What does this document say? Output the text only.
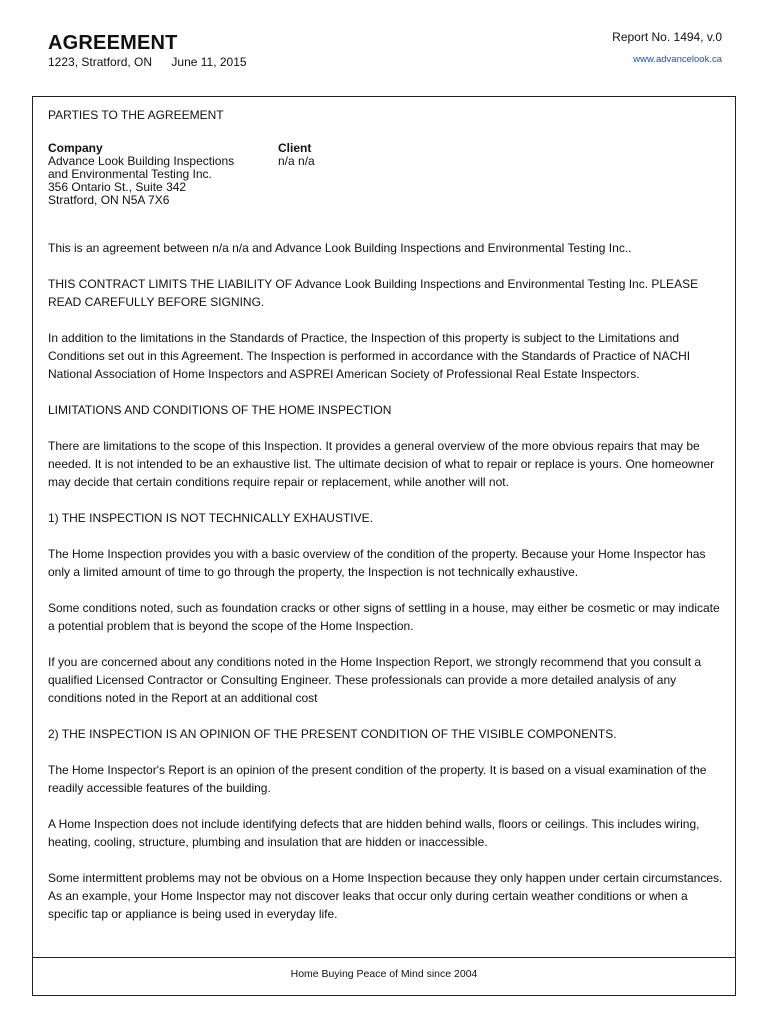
AGREEMENT
1223, Stratford, ON June 11, 2015
Report No. 1494, v.0
www.advancelook.ca

PARTIES TO THE AGREEMENT

Company
Advance Look Building Inspections
and Environmental Testing Inc.
356 Ontario St., Suite 342
Stratford, ON N5A 7X6
Client
n/a n/a

This is an agreement between n/a n/a and Advance Look Building Inspections and Environmental Testing Inc..

THIS CONTRACT LIMITS THE LIABILITY OF Advance Look Building Inspections and Environmental Testing Inc. PLEASE READ CAREFULLY BEFORE SIGNING.

In addition to the limitations in the Standards of Practice, the Inspection of this property is subject to the Limitations and Conditions set out in this Agreement. The Inspection is performed in accordance with the Standards of Practice of NACHI National Association of Home Inspectors and ASPREI American Society of Professional Real Estate Inspectors.

LIMITATIONS AND CONDITIONS OF THE HOME INSPECTION

There are limitations to the scope of this Inspection. It provides a general overview of the more obvious repairs that may be needed. It is not intended to be an exhaustive list. The ultimate decision of what to repair or replace is yours. One homeowner may decide that certain conditions require repair or replacement, while another will not.

1) THE INSPECTION IS NOT TECHNICALLY EXHAUSTIVE.

The Home Inspection provides you with a basic overview of the condition of the property. Because your Home Inspector has only a limited amount of time to go through the property, the Inspection is not technically exhaustive.

Some conditions noted, such as foundation cracks or other signs of settling in a house, may either be cosmetic or may indicate a potential problem that is beyond the scope of the Home Inspection.

If you are concerned about any conditions noted in the Home Inspection Report, we strongly recommend that you consult a qualified Licensed Contractor or Consulting Engineer. These professionals can provide a more detailed analysis of any conditions noted in the Report at an additional cost

2) THE INSPECTION IS AN OPINION OF THE PRESENT CONDITION OF THE VISIBLE COMPONENTS.

The Home Inspector's Report is an opinion of the present condition of the property. It is based on a visual examination of the readily accessible features of the building.

A Home Inspection does not include identifying defects that are hidden behind walls, floors or ceilings. This includes wiring, heating, cooling, structure, plumbing and insulation that are hidden or inaccessible.

Some intermittent problems may not be obvious on a Home Inspection because they only happen under certain circumstances. As an example, your Home Inspector may not discover leaks that occur only during certain weather conditions or when a specific tap or appliance is being used in everyday life.

Home Buying Peace of Mind since 2004
